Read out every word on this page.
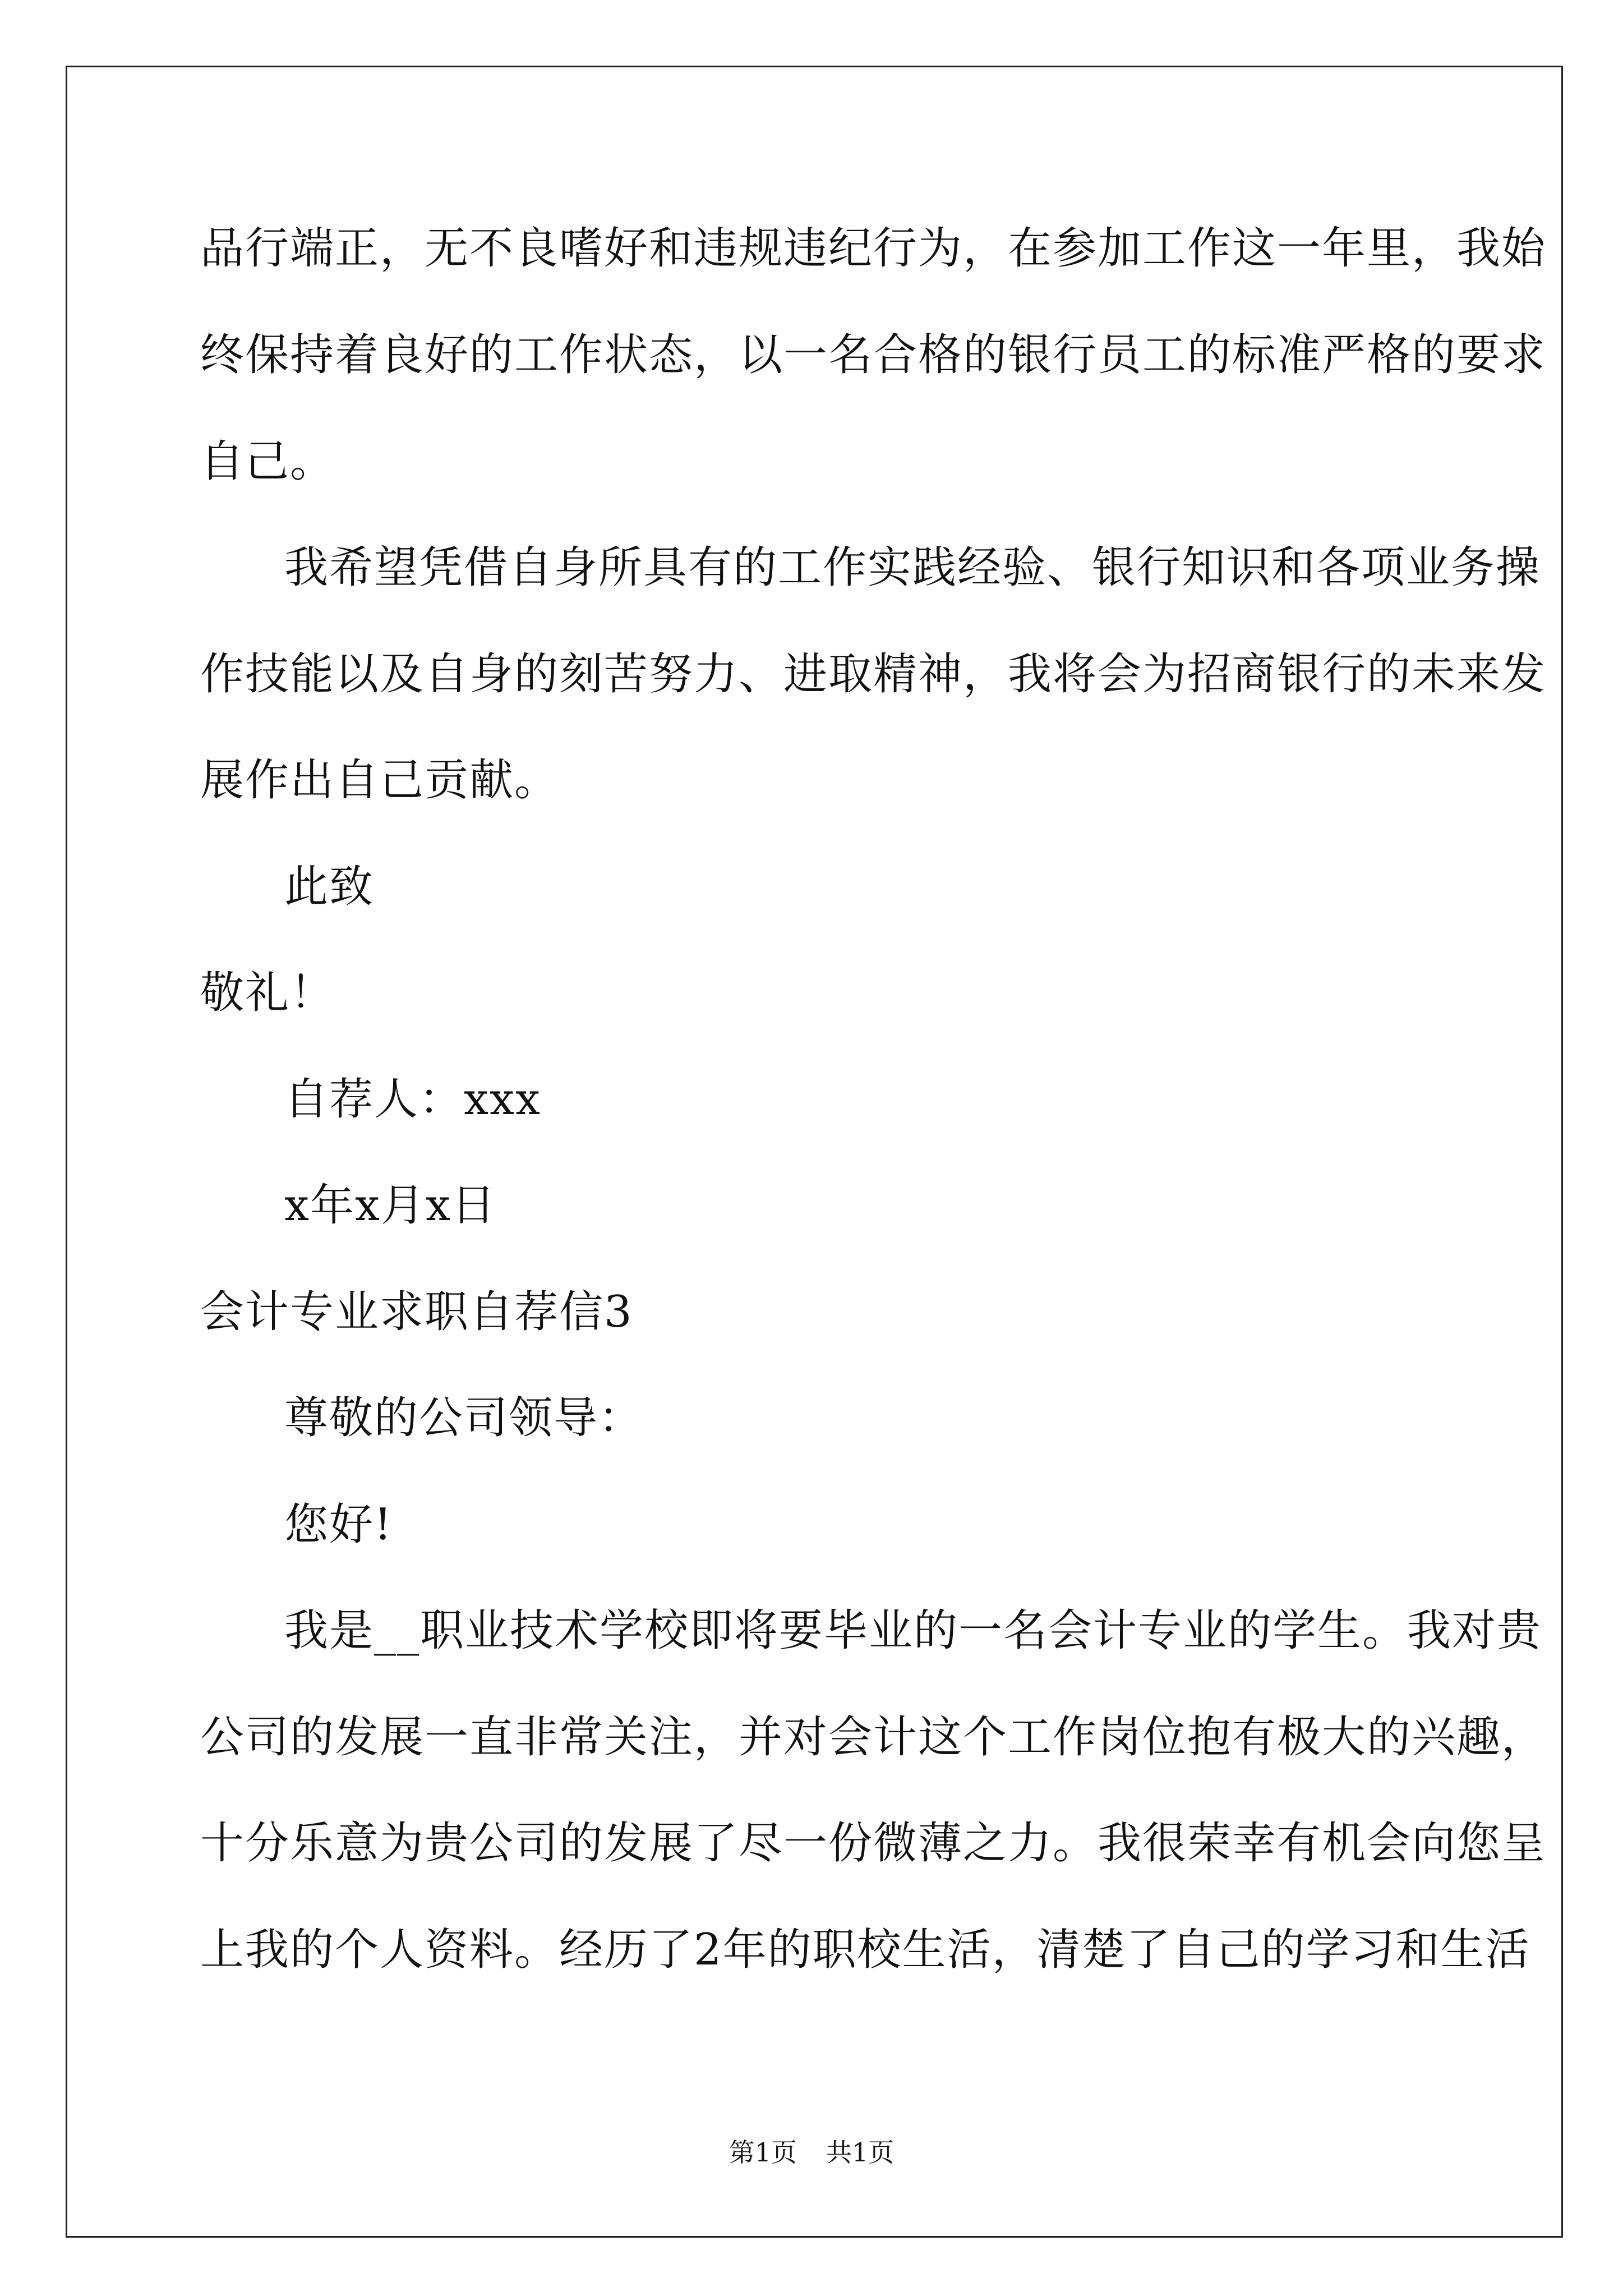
品行端正，无不良嗜好和违规违纪行为，在参加工作这一年里，我始
终保持着良好的工作状态，以一名合格的银行员工的标准严格的要求
自己。
我希望凭借自身所具有的工作实践经验、银行知识和各项业务操
作技能以及自身的刻苦努力、进取精神，我将会为招商银行的未来发
展作出自己贡献。
此致
敬礼！
自荐人：xxx
x年x月x日
会计专业求职自荐信3
尊敬的公司领导：
您好!
我是__职业技术学校即将要毕业的一名会计专业的学生。我对贵
公司的发展一直非常关注，并对会计这个工作岗位抱有极大的兴趣，
十分乐意为贵公司的发展了尽一份微薄之力。我很荣幸有机会向您呈
上我的个人资料。经历了2年的职校生活，清楚了自己的学习和生活
第1页 共1页
